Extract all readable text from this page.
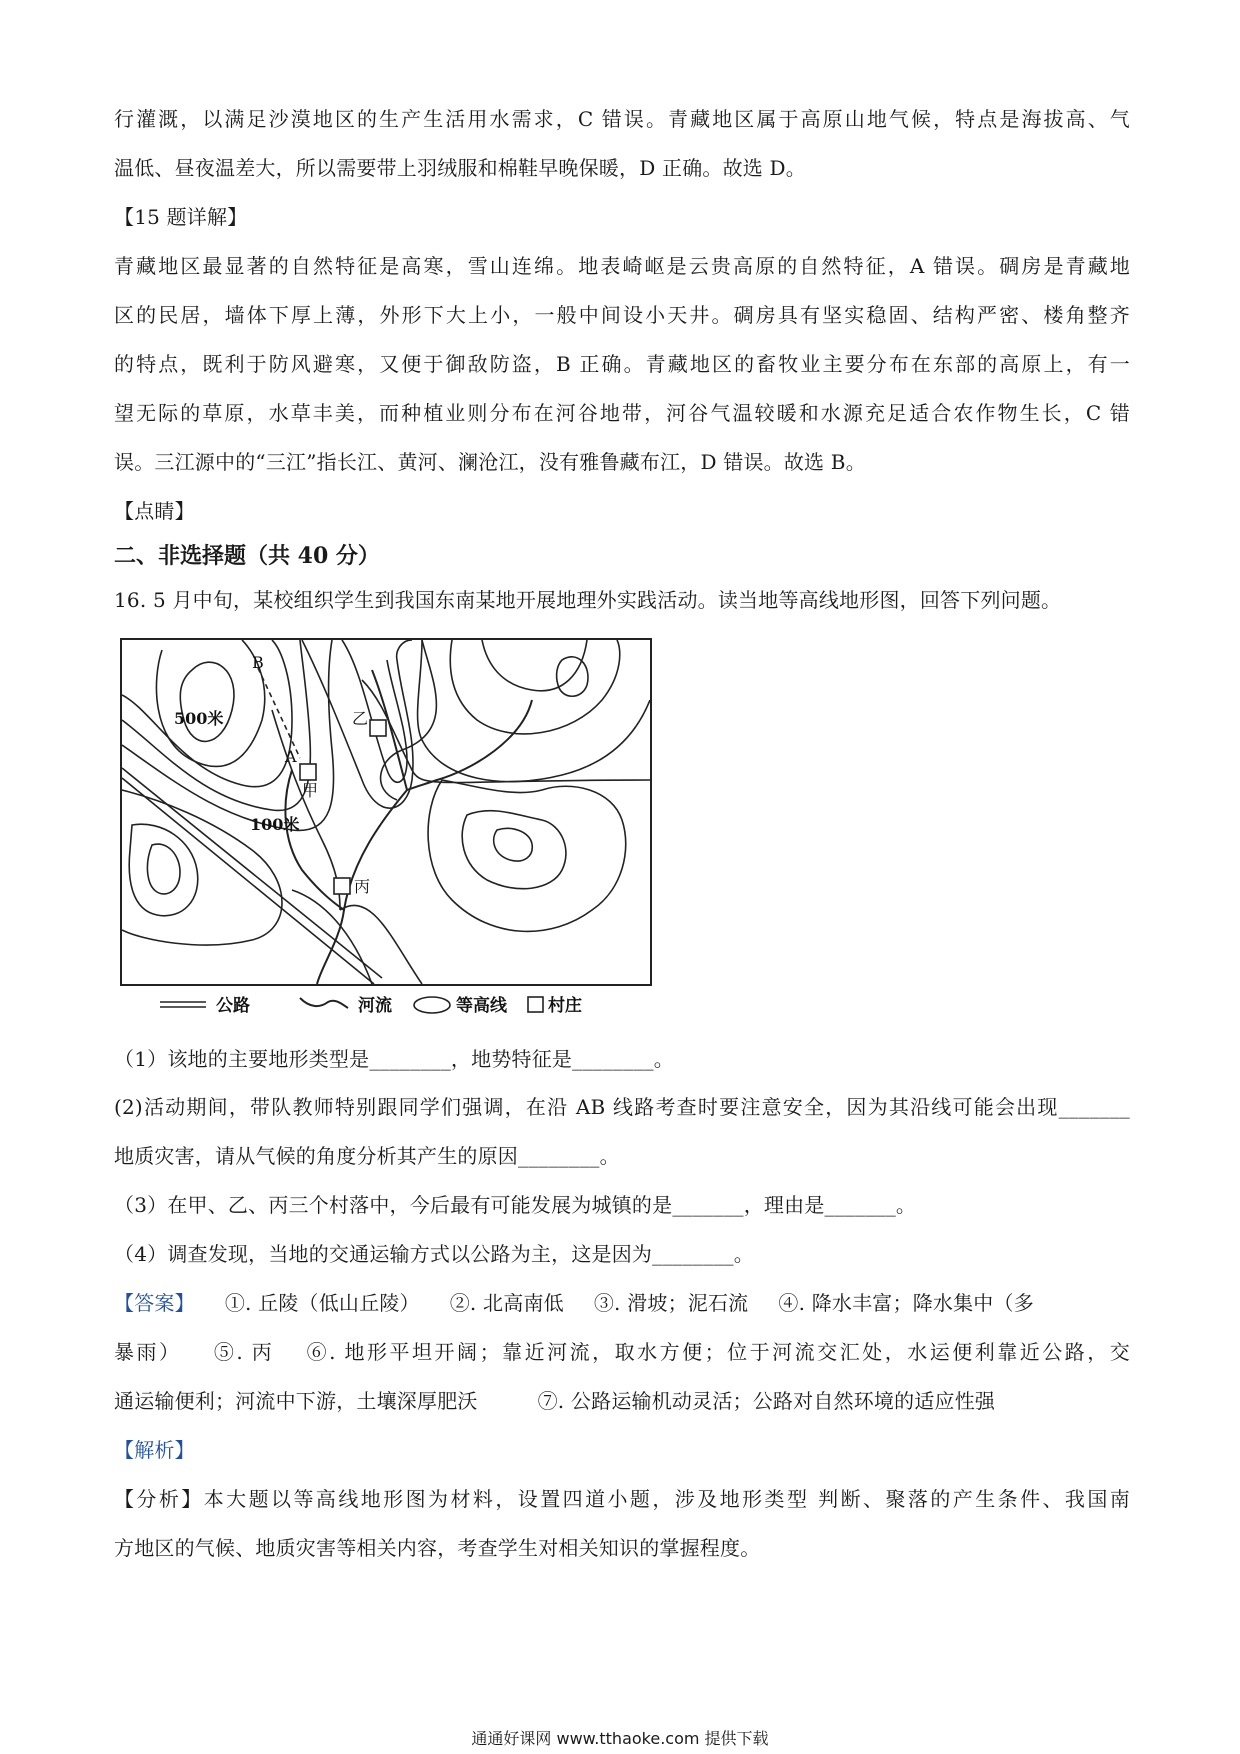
行灌溉，以满足沙漠地区的生产生活用水需求，C 错误。青藏地区属于高原山地气候，特点是海拔高、气
温低、昼夜温差大，所以需要带上羽绒服和棉鞋早晚保暖，D 正确。故选 D。
【15 题详解】
青藏地区最显著的自然特征是高寒，雪山连绵。地表崎岖是云贵高原的自然特征，A 错误。碉房是青藏地
区的民居，墙体下厚上薄，外形下大上小，一般中间设小天井。碉房具有坚实稳固、结构严密、楼角整齐
的特点，既利于防风避寒，又便于御敌防盗，B 正确。青藏地区的畜牧业主要分布在东部的高原上，有一
望无际的草原，水草丰美，而种植业则分布在河谷地带，河谷气温较暖和水源充足适合农作物生长，C 错
误。三江源中的“三江”指长江、黄河、澜沧江，没有雅鲁藏布江，D 错误。故选 B。
【点睛】
二、非选择题（共 40 分）
16. 5 月中旬，某校组织学生到我国东南某地开展地理外实践活动。读当地等高线地形图，回答下列问题。
B
A
乙
甲
丙
500米
100米
公路	河流	等高线 村庄
（1）该地的主要地形类型是________，地势特征是________。
(2)活动期间，带队教师特别跟同学们强调，在沿 AB 线路考查时要注意安全，因为其沿线可能会出现_______
地质灾害，请从气候的角度分析其产生的原因________。
（3）在甲、乙、丙三个村落中，今后最有可能发展为城镇的是_______，理由是_______。
（4）调查发现，当地的交通运输方式以公路为主，这是因为________。
【答案】 ①. 丘陵（低山丘陵） ②. 北高南低 ③. 滑坡；泥石流 ④. 降水丰富；降水集中（多
暴雨） ⑤. 丙 ⑥. 地形平坦开阔；靠近河流，取水方便；位于河流交汇处，水运便利靠近公路，交
通运输便利；河流中下游，土壤深厚肥沃	⑦. 公路运输机动灵活；公路对自然环境的适应性强
【解析】
【分析】本大题以等高线地形图为材料，设置四道小题，涉及地形类型 判断、聚落的产生条件、我国南
方地区的气候、地质灾害等相关内容，考查学生对相关知识的掌握程度。
通通好课网 www.tthaoke.com 提供下载
